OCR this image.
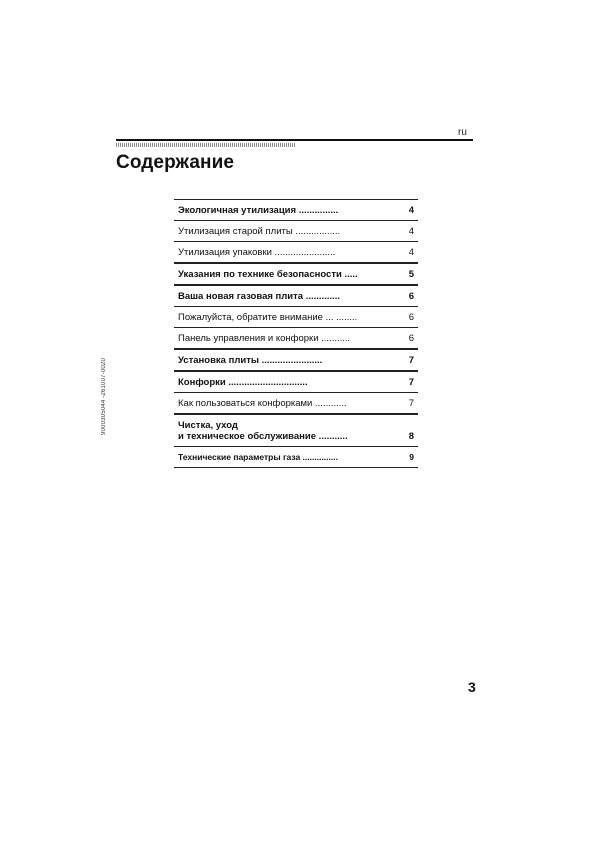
ru
Содержание
9000305044 -261007-0020
Экологичная утилизация ...............	4
Утилизация старой плиты .................	4
Утилизация упаковки .......................	4
Указания по технике безопасности .....	5
Ваша новая газовая плита .............	6
Пожалуйста, обратите внимание ... ........	6
Панель управления и конфорки ...........	6
Установка плиты .......................	7
Конфорки ..............................	7
Как пользоваться конфорками ............	7
Чистка, уход
и техническое обслуживание ...........	8
Технические параметры газа ...............	9
3
